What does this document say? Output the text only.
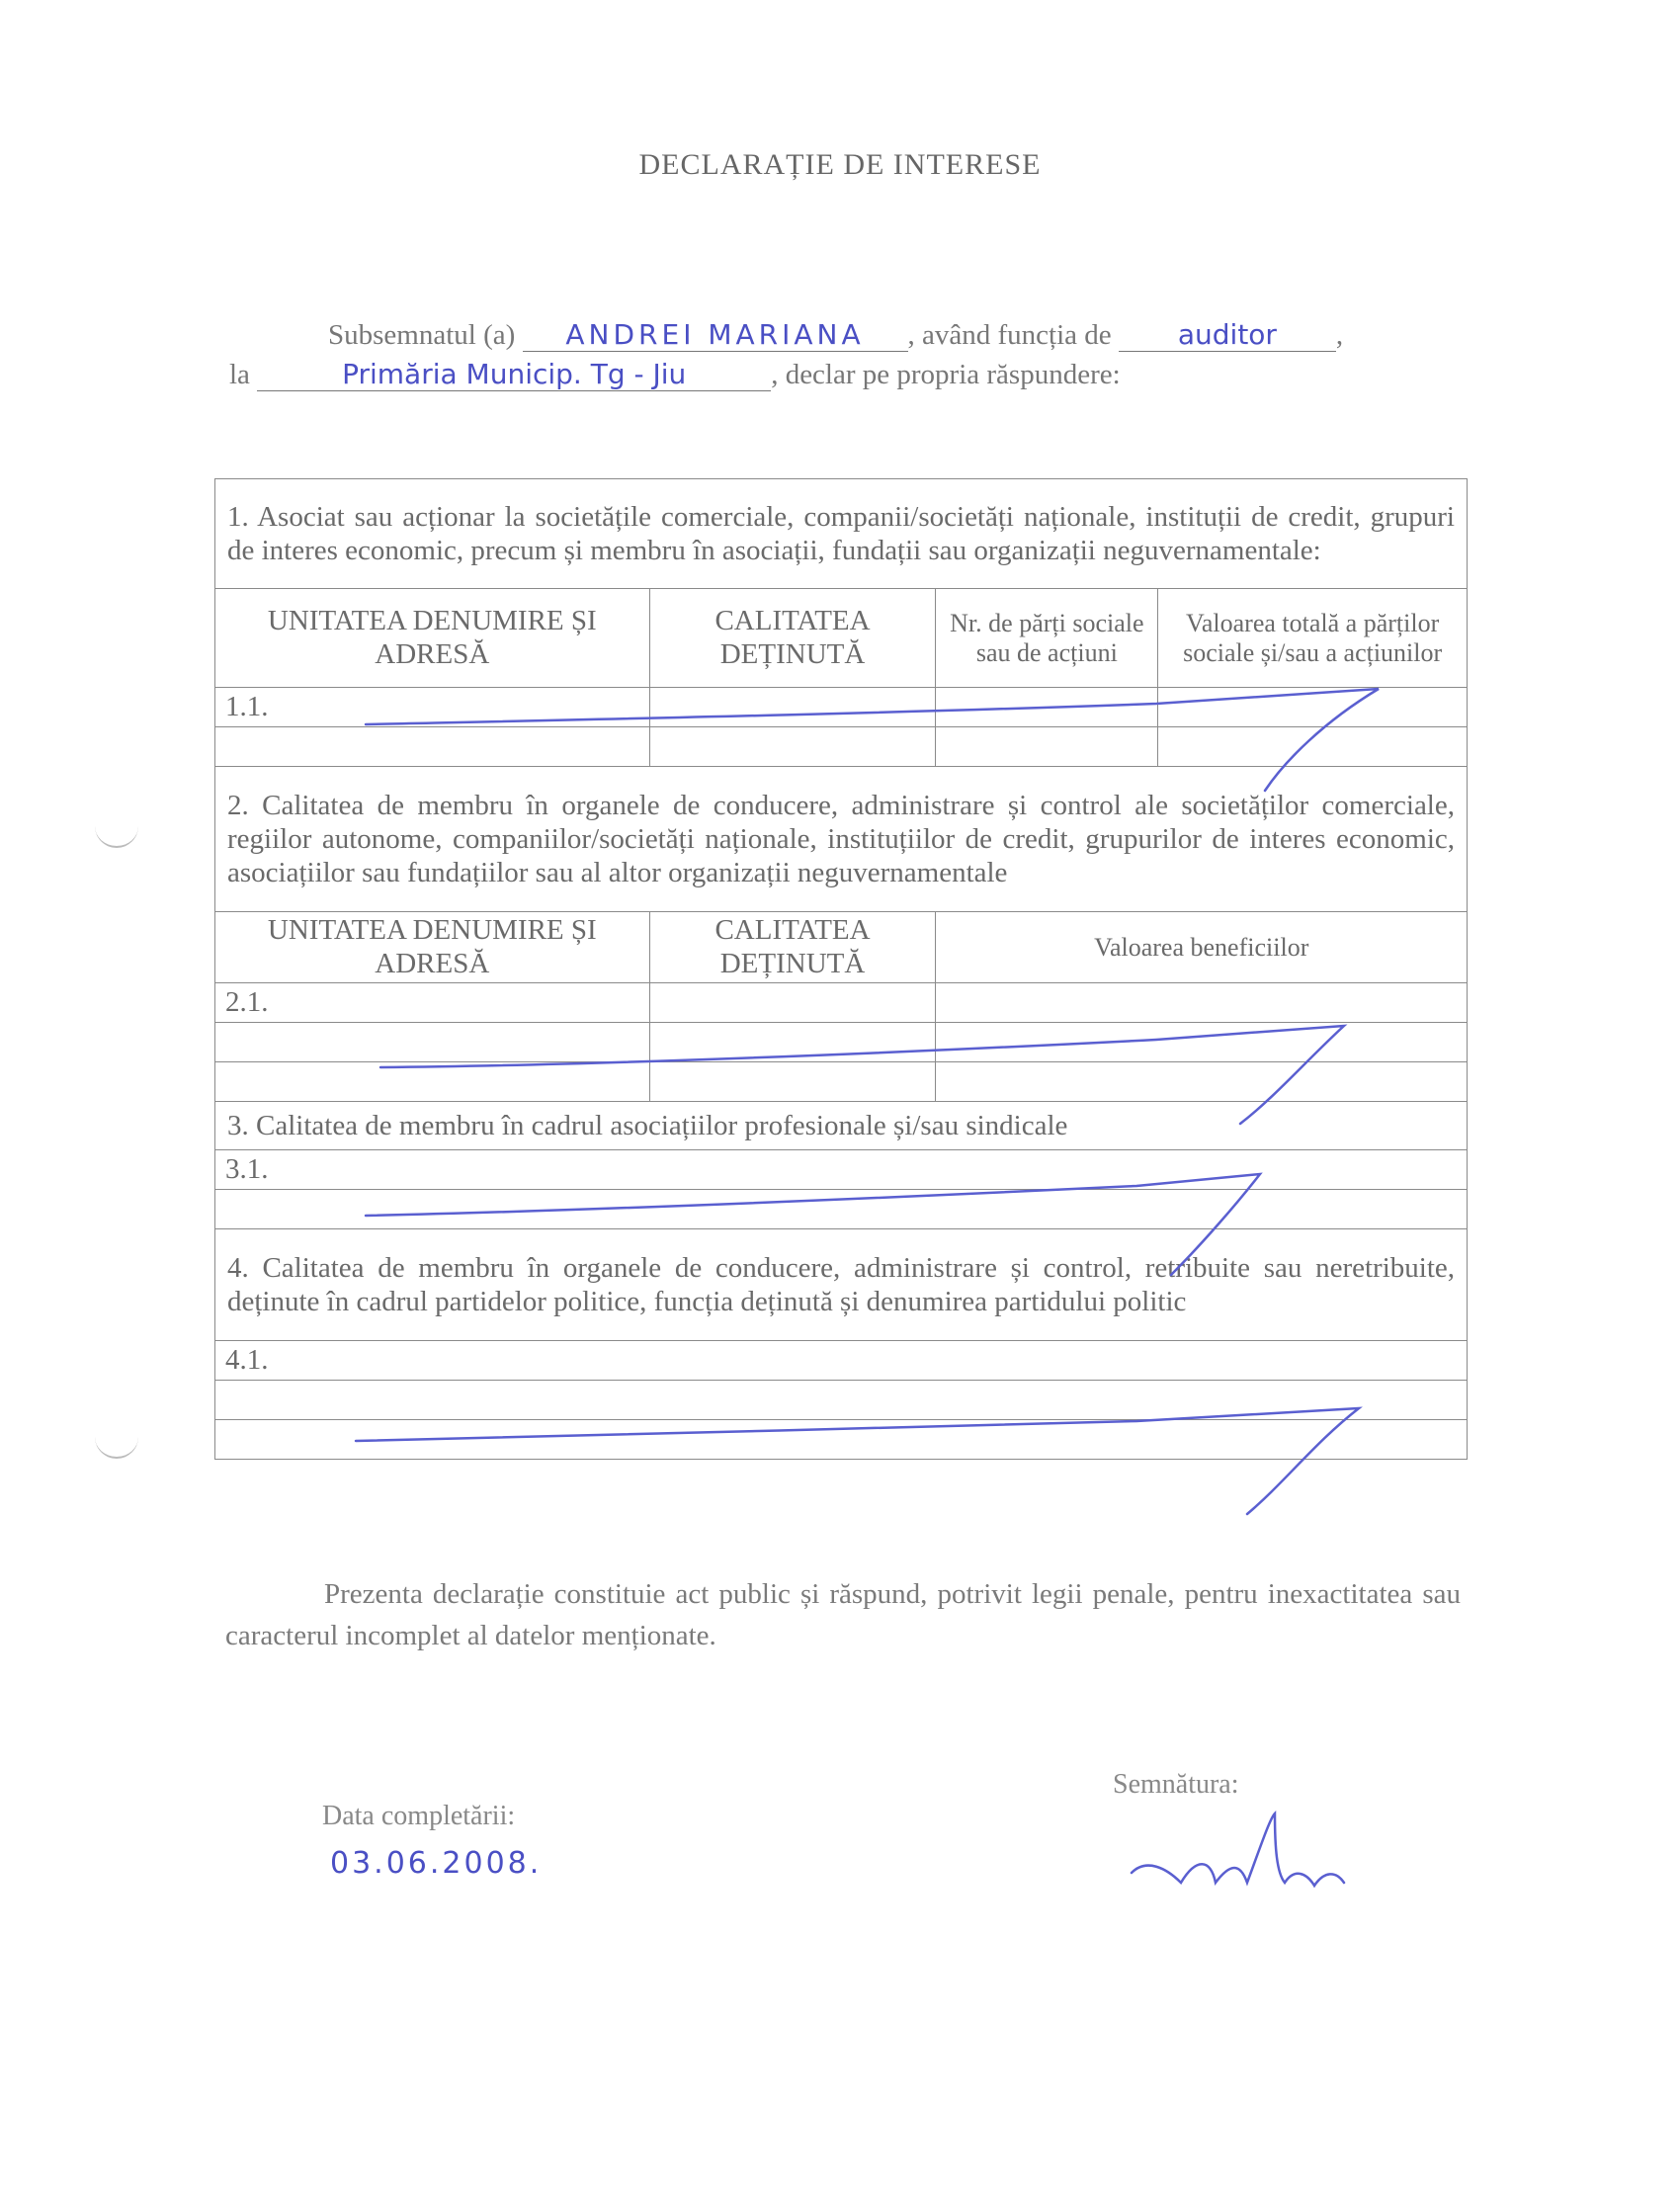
DECLARAȚIE DE INTERESE
Subsemnatul (a) ANDREI MARIANA , având funcția de auditor ,
la	Primăria Municip. Tg - Jiu	, declar pe propria răspundere:
1. Asociat sau acționar la societățile comerciale, companii/societăți naționale, instituții de credit, grupuri de interes economic, precum și membru în asociații, fundații sau organizații neguvernamentale:			
UNITATEA DENUMIRE ȘI ADRESĂ	CALITATEA DEȚINUTĂ	Nr. de părți sociale sau de acțiuni	Valoarea totală a părților sociale și/sau a acțiunilor
1.1.			

2. Calitatea de membru în organele de conducere, administrare și control ale societăților comerciale, regiilor autonome, companiilor/societăți naționale, instituțiilor de credit, grupurilor de interes economic, asociațiilor sau fundațiilor sau al altor organizații neguvernamentale			
UNITATEA DENUMIRE ȘI ADRESĂ	CALITATEA DEȚINUTĂ	Valoarea beneficiilor	
2.1.			

3. Calitatea de membru în cadrul asociațiilor profesionale și/sau sindicale			
3.1.			

4. Calitatea de membru în organele de conducere, administrare și control, retribuite sau neretribuite, deținute în cadrul partidelor politice, funcția deținută și denumirea partidului politic			
4.1.			

Prezenta declarație constituie act public și răspund, potrivit legii penale, pentru inexactitatea sau caracterul incomplet al datelor menționate.
Data completării:
03.06.2008.
Semnătura:
